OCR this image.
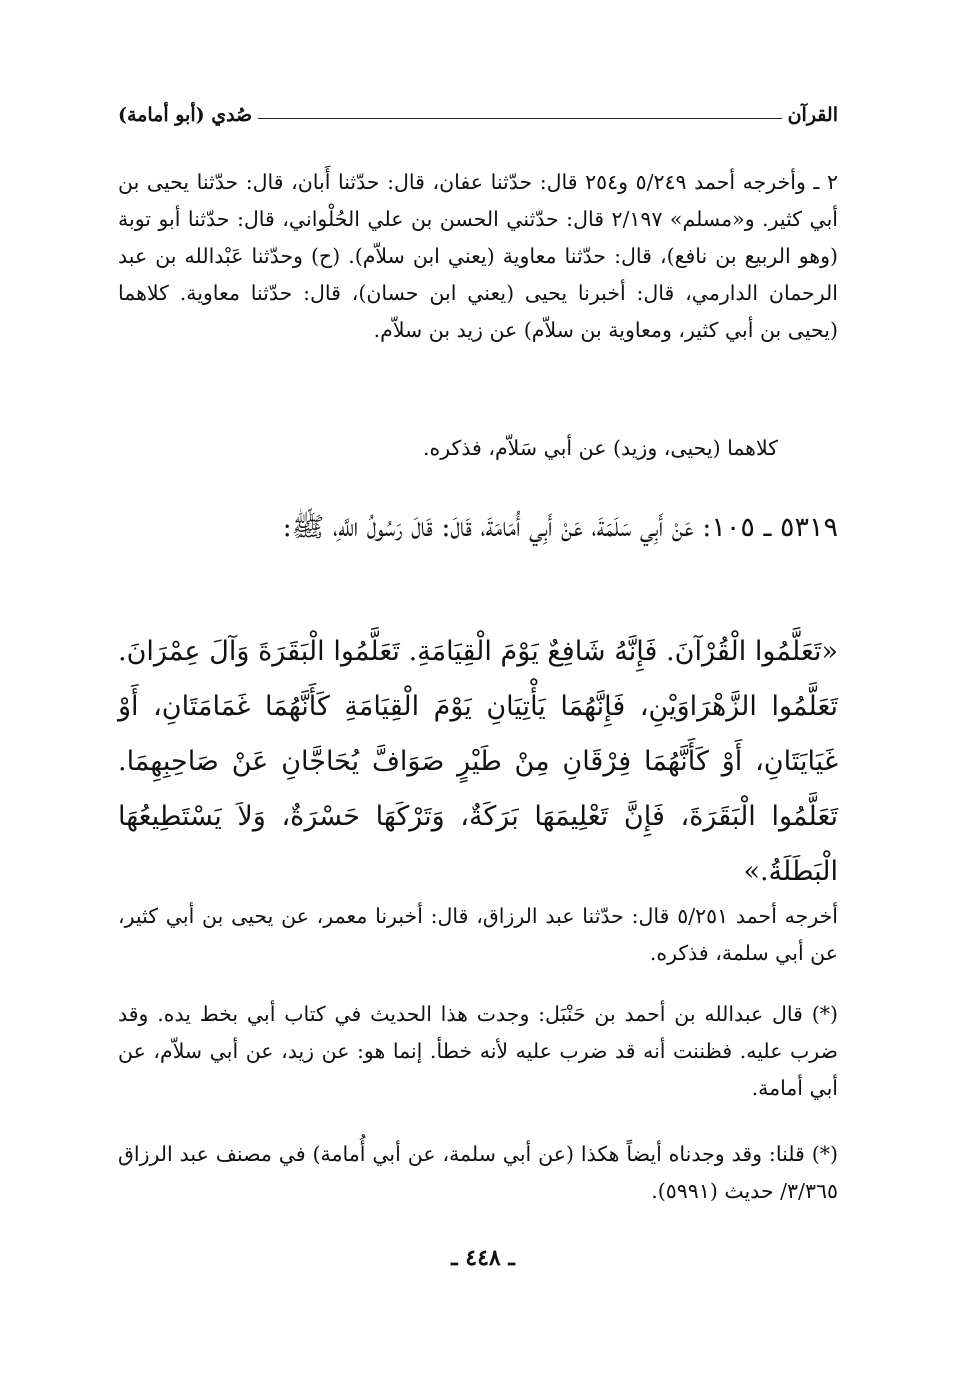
القرآن
صُدي (أبو أمامة)

٢ ـ وأخرجه أحمد ٥/٢٤٩ و٢٥٤ قال: حدّثنا عفان، قال: حدّثنا أَبان، قال: حدّثنا يحيى بن أبي كثير. و«مسلم» ٢/١٩٧ قال: حدّثني الحسن بن علي الحُلْواني، قال: حدّثنا أبو توبة (وهو الربيع بن نافع)، قال: حدّثنا معاوية (يعني ابن سلاّم). (ح) وحدّثنا عَبْدالله بن عبد الرحمان الدارمي، قال: أخبرنا يحيى (يعني ابن حسان)، قال: حدّثنا معاوية. كلاهما (يحيى بن أبي كثير، ومعاوية بن سلاّم) عن زيد بن سلاّم.

كلاهما (يحيى، وزيد) عن أبي سَلاّم، فذكره.

٥٣١٩ ـ ١٠٥: عَنْ أَبِي سَلَمَةَ، عَنْ أَبِي أُمَامَةَ، قَالَ: قَالَ رَسُولُ اللَّهِ، ﷺ:

«تَعَلَّمُوا الْقُرْآنَ. فَإِنَّهُ شَافِعٌ يَوْمَ الْقِيَامَةِ. تَعَلَّمُوا الْبَقَرَةَ وَآلَ عِمْرَانَ. تَعَلَّمُوا الزَّهْرَاوَيْنِ، فَإِنَّهُمَا يَأْتِيَانِ يَوْمَ الْقِيَامَةِ كَأَنَّهُمَا غَمَامَتَانِ، أَوْ غَيَايَتَانِ، أَوْ كَأَنَّهُمَا فِرْقَانِ مِنْ طَيْرٍ صَوَافَّ يُحَاجَّانِ عَنْ صَاحِبِهِمَا. تَعَلَّمُوا الْبَقَرَةَ، فَإِنَّ تَعْلِيمَهَا بَرَكَةٌ، وَتَرْكَهَا حَسْرَةٌ، وَلاَ يَسْتَطِيعُهَا الْبَطَلَةُ.»

أخرجه أحمد ٥/٢٥١ قال: حدّثنا عبد الرزاق، قال: أخبرنا معمر، عن يحيى بن أبي كثير، عن أبي سلمة، فذكره.

(*) قال عبدالله بن أحمد بن حَنْبَل: وجدت هذا الحديث في كتاب أبي بخط يده. وقد ضرب عليه. فظننت أنه قد ضرب عليه لأنه خطأ. إنما هو: عن زيد، عن أبي سلاّم، عن أبي أمامة.

(*) قلنا: وقد وجدناه أيضاً هكذا (عن أبي سلمة، عن أبي أُمامة) في مصنف عبد الرزاق ٣/٣٦٥/ حديث (٥٩٩١).

ـ ٤٤٨ ـ
